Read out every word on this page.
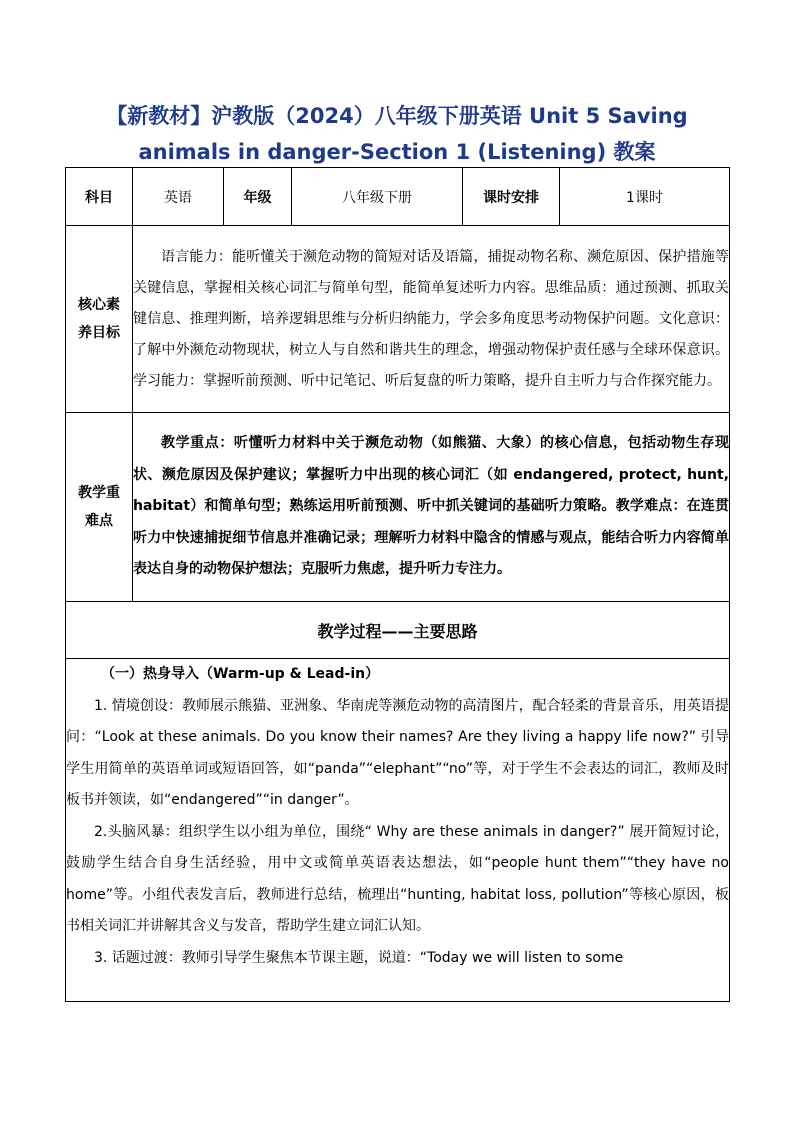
【新教材】沪教版（2024）八年级下册英语 Unit 5 Saving
animals in danger-Section 1 (Listening) 教案
科目	英语	年级	八年级下册	课时安排	1课时
核心素养目标	语言能力：能听懂关于濒危动物的简短对话及语篇，捕捉动物名称、濒危原因、保护措施等关键信息，掌握相关核心词汇与简单句型，能简单复述听力内容。思维品质：通过预测、抓取关键信息、推理判断，培养逻辑思维与分析归纳能力，学会多角度思考动物保护问题。文化意识：了解中外濒危动物现状，树立人与自然和谐共生的理念，增强动物保护责任感与全球环保意识。学习能力：掌握听前预测、听中记笔记、听后复盘的听力策略，提升自主听力与合作探究能力。				
教学重难点	教学重点：听懂听力材料中关于濒危动物（如熊猫、大象）的核心信息，包括动物生存现状、濒危原因及保护建议；掌握听力中出现的核心词汇（如 endangered, protect, hunt, habitat）和简单句型；熟练运用听前预测、听中抓关键词的基础听力策略。教学难点：在连贯听力中快速捕捉细节信息并准确记录；理解听力材料中隐含的情感与观点，能结合听力内容简单表达自身的动物保护想法；克服听力焦虑，提升听力专注力。				
教学过程——主要思路					

（一）热身导入（Warm-up & Lead-in）

1. 情境创设：教师展示熊猫、亚洲象、华南虎等濒危动物的高清图片，配合轻柔的背景音乐，用英语提问：“Look at these animals. Do you know their names? Are they living a happy life now?” 引导学生用简单的英语单词或短语回答，如“panda”“elephant”“no”等，对于学生不会表达的词汇，教师及时板书并领读，如“endangered”“in danger”。

2.头脑风暴：组织学生以小组为单位，围绕“ Why are these animals in danger?” 展开简短讨论，鼓励学生结合自身生活经验，用中文或简单英语表达想法，如“people hunt them”“they have no home”等。小组代表发言后，教师进行总结，梳理出“hunting, habitat loss, pollution”等核心原因，板书相关词汇并讲解其含义与发音，帮助学生建立词汇认知。

3. 话题过渡：教师引导学生聚焦本节课主题，说道：“Today we will listen to some					
